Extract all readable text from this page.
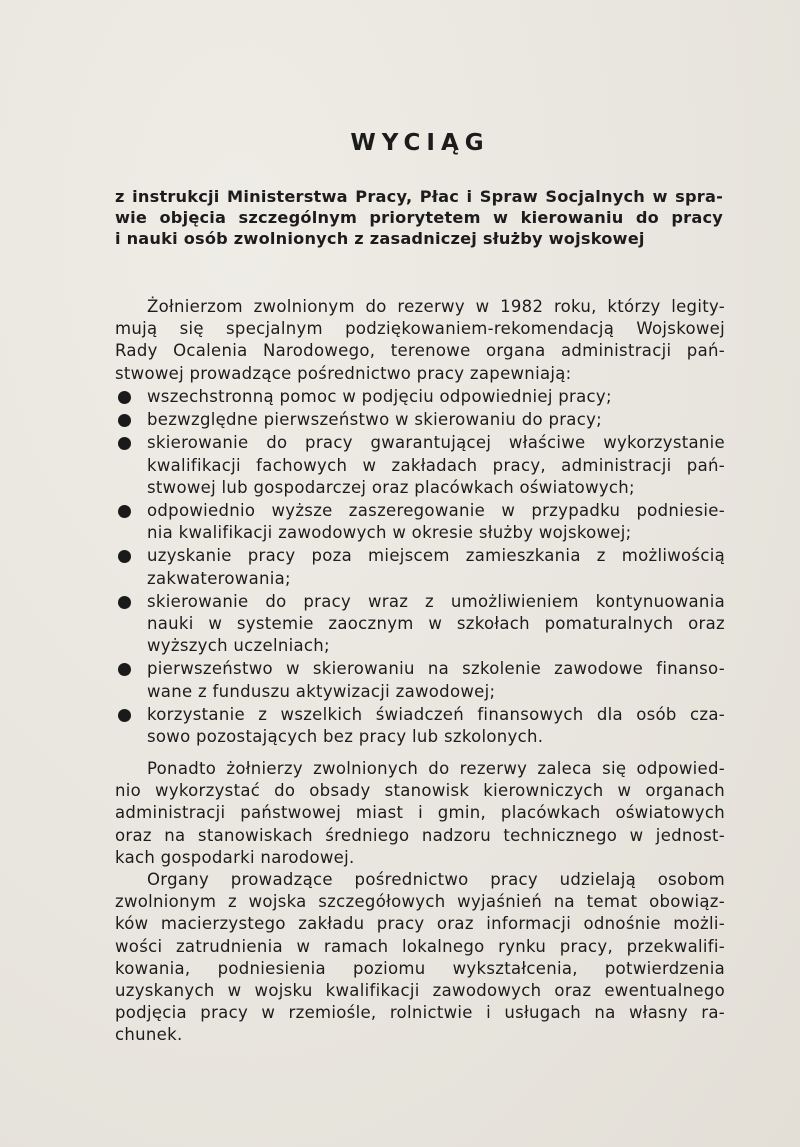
WYCIĄG
z instrukcji Ministerstwa Pracy, Płac i Spraw Socjalnych w spra-
wie objęcia szczególnym priorytetem w kierowaniu do pracy
i nauki osób zwolnionych z zasadniczej służby wojskowej
Żołnierzom zwolnionym do rezerwy w 1982 roku, którzy legity-
mują się specjalnym podziękowaniem-rekomendacją Wojskowej
Rady Ocalenia Narodowego, terenowe organa administracji pań-
stwowej prowadzące pośrednictwo pracy zapewniają:
wszechstronną pomoc w podjęciu odpowiedniej pracy;
bezwzględne pierwszeństwo w skierowaniu do pracy;
skierowanie do pracy gwarantującej właściwe wykorzystanie
kwalifikacji fachowych w zakładach pracy, administracji pań-
stwowej lub gospodarczej oraz placówkach oświatowych;
odpowiednio wyższe zaszeregowanie w przypadku podniesie-
nia kwalifikacji zawodowych w okresie służby wojskowej;
uzyskanie pracy poza miejscem zamieszkania z możliwością
zakwaterowania;
skierowanie do pracy wraz z umożliwieniem kontynuowania
nauki w systemie zaocznym w szkołach pomaturalnych oraz
wyższych uczelniach;
pierwszeństwo w skierowaniu na szkolenie zawodowe finanso-
wane z funduszu aktywizacji zawodowej;
korzystanie z wszelkich świadczeń finansowych dla osób cza-
sowo pozostających bez pracy lub szkolonych.
Ponadto żołnierzy zwolnionych do rezerwy zaleca się odpowied-
nio wykorzystać do obsady stanowisk kierowniczych w organach
administracji państwowej miast i gmin, placówkach oświatowych
oraz na stanowiskach średniego nadzoru technicznego w jednost-
kach gospodarki narodowej.
Organy prowadzące pośrednictwo pracy udzielają osobom
zwolnionym z wojska szczegółowych wyjaśnień na temat obowiąz-
ków macierzystego zakładu pracy oraz informacji odnośnie możli-
wości zatrudnienia w ramach lokalnego rynku pracy, przekwalifi-
kowania, podniesienia poziomu wykształcenia, potwierdzenia
uzyskanych w wojsku kwalifikacji zawodowych oraz ewentualnego
podjęcia pracy w rzemiośle, rolnictwie i usługach na własny ra-
chunek.
